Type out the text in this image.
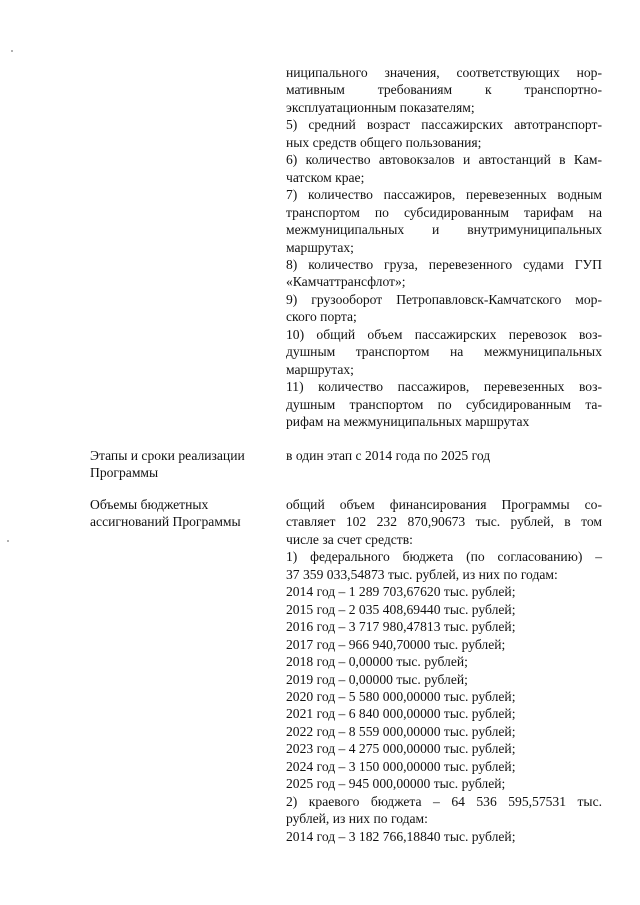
ниципального значения, соответствующих нор-
мативным требованиям к транспортно-
эксплуатационным показателям;
5) средний возраст пассажирских автотранспорт-
ных средств общего пользования;
6) количество автовокзалов и автостанций в Кам-
чатском крае;
7) количество пассажиров, перевезенных водным
транспортом по субсидированным тарифам на
межмуниципальных и внутримуниципальных
маршрутах;
8) количество груза, перевезенного судами ГУП
«Камчаттрансфлот»;
9) грузооборот Петропавловск-Камчатского мор-
ского порта;
10) общий объем пассажирских перевозок воз-
душным транспортом на межмуниципальных
маршрутах;
11) количество пассажиров, перевезенных воз-
душным транспортом по субсидированным та-
рифам на межмуниципальных маршрутах
Этапы и сроки реализации
Программы
в один этап с 2014 года по 2025 год
Объемы бюджетных
ассигнований Программы
общий объем финансирования Программы со-
ставляет 102 232 870,90673 тыс. рублей, в том
числе за счет средств:
1) федерального бюджета (по согласованию) –
37 359 033,54873 тыс. рублей, из них по годам:
2014 год – 1 289 703,67620 тыс. рублей;
2015 год – 2 035 408,69440 тыс. рублей;
2016 год – 3 717 980,47813 тыс. рублей;
2017 год – 966 940,70000 тыс. рублей;
2018 год – 0,00000 тыс. рублей;
2019 год – 0,00000 тыс. рублей;
2020 год – 5 580 000,00000 тыс. рублей;
2021 год – 6 840 000,00000 тыс. рублей;
2022 год – 8 559 000,00000 тыс. рублей;
2023 год – 4 275 000,00000 тыс. рублей;
2024 год – 3 150 000,00000 тыс. рублей;
2025 год – 945 000,00000 тыс. рублей;
2) краевого бюджета – 64 536 595,57531 тыс.
рублей, из них по годам:
2014 год – 3 182 766,18840 тыс. рублей;
